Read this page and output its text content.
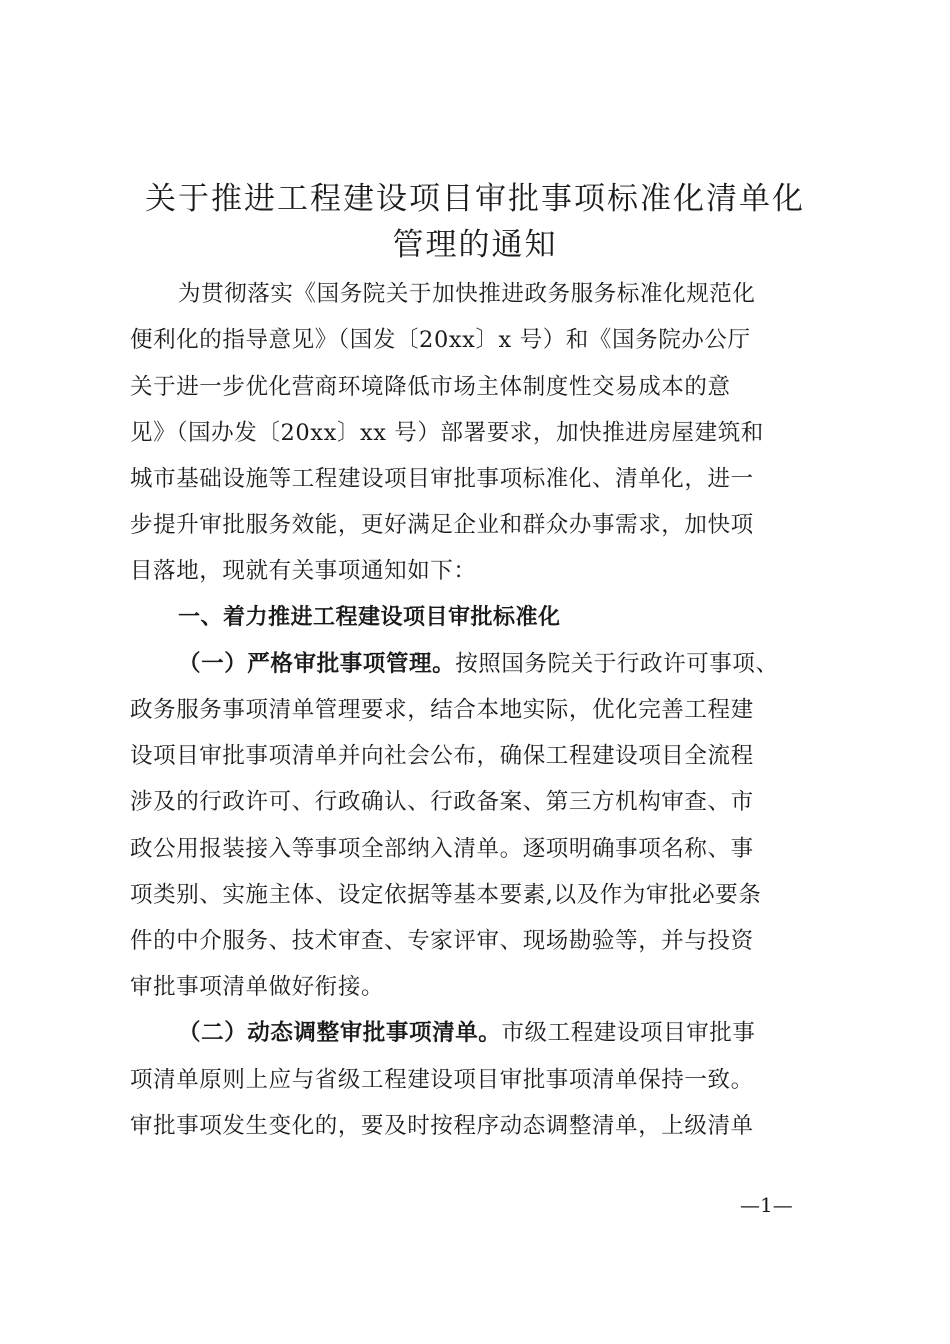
关于推进工程建设项目审批事项标准化清单化
管理的通知

为贯彻落实《国务院关于加快推进政务服务标准化规范化

便利化的指导意见》（国发〔20xx〕x 号）和《国务院办公厅

关于进一步优化营商环境降低市场主体制度性交易成本的意

见》（国办发〔20xx〕xx 号）部署要求，加快推进房屋建筑和

城市基础设施等工程建设项目审批事项标准化、清单化，进一

步提升审批服务效能，更好满足企业和群众办事需求，加快项

目落地，现就有关事项通知如下：

一、着力推进工程建设项目审批标准化

（一）严格审批事项管理。按照国务院关于行政许可事项、

政务服务事项清单管理要求，结合本地实际，优化完善工程建

设项目审批事项清单并向社会公布，确保工程建设项目全流程

涉及的行政许可、行政确认、行政备案、第三方机构审查、市

政公用报装接入等事项全部纳入清单。逐项明确事项名称、事

项类别、实施主体、设定依据等基本要素,以及作为审批必要条

件的中介服务、技术审查、专家评审、现场勘验等，并与投资

审批事项清单做好衔接。

（二）动态调整审批事项清单。市级工程建设项目审批事

项清单原则上应与省级工程建设项目审批事项清单保持一致。

审批事项发生变化的，要及时按程序动态调整清单，上级清单

—1—
